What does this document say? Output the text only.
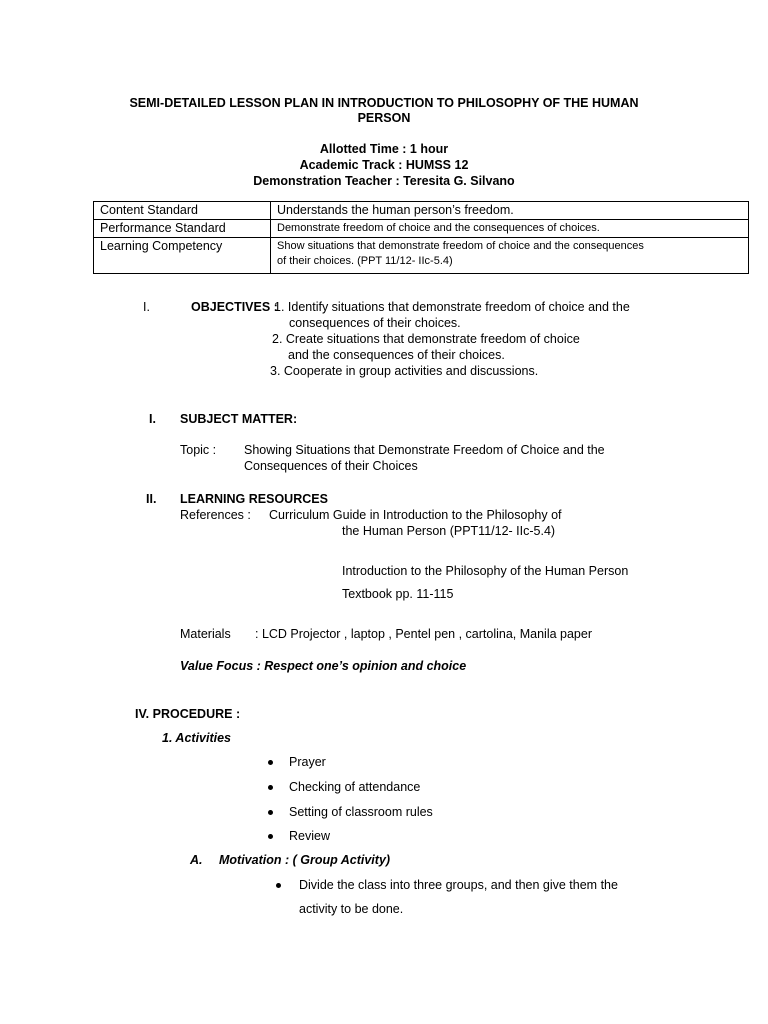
SEMI-DETAILED LESSON PLAN IN INTRODUCTION TO PHILOSOPHY OF THE HUMAN
PERSON
Allotted Time : 1 hour
Academic Track : HUMSS 12
Demonstration Teacher : Teresita G. Silvano
Content Standard	Understands the human person’s freedom.
Performance Standard	Demonstrate freedom of choice and the consequences of choices.
Learning Competency	Show situations that demonstrate freedom of choice and the consequences
of their choices. (PPT 11/12- IIc-5.4)
I.	OBJECTIVES :
1. Identify situations that demonstrate freedom of choice and the
consequences of their choices.
2. Create situations that demonstrate freedom of choice
and the consequences of their choices.
3. Cooperate in group activities and discussions.
I. SUBJECT MATTER:
Topic : Showing Situations that Demonstrate Freedom of Choice and the
Consequences of their Choices
II. LEARNING RESOURCES
References : Curriculum Guide in Introduction to the Philosophy of
the Human Person (PPT11/12- IIc-5.4)
Introduction to the Philosophy of the Human Person
Textbook pp. 11-115
Materials : LCD Projector , laptop , Pentel pen , cartolina, Manila paper
Value Focus : Respect one’s opinion and choice
IV. PROCEDURE :
1. Activities
Prayer
Checking of attendance
Setting of classroom rules
Review
A. Motivation : ( Group Activity)
Divide the class into three groups, and then give them the
activity to be done.
